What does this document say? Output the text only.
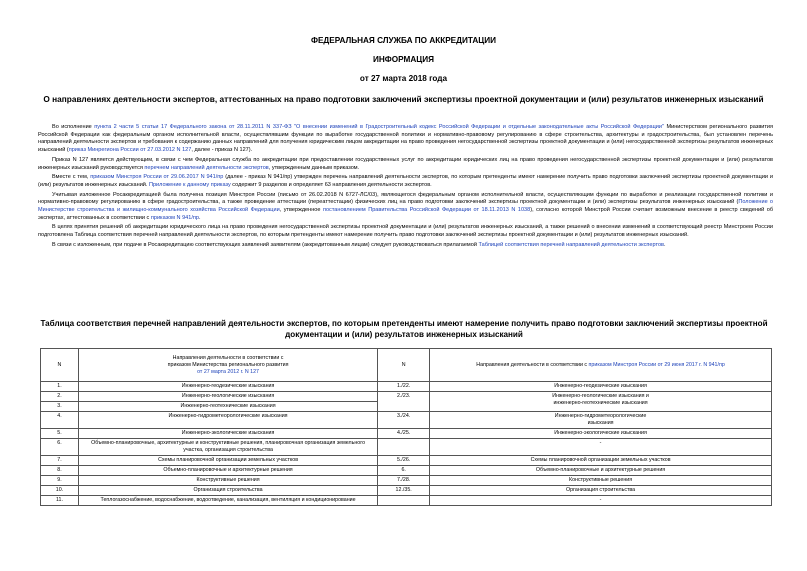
ФЕДЕРАЛЬНАЯ СЛУЖБА ПО АККРЕДИТАЦИИ
ИНФОРМАЦИЯ
от 27 марта 2018 года
О направлениях деятельности экспертов, аттестованных на право подготовки заключений экспертизы проектной документации и (или) результатов инженерных изысканий

Во исполнение пункта 2 части 5 статьи 17 Федерального закона от 28.11.2011 N 337-ФЗ "О внесении изменений в Градостроительный кодекс Российской Федерации и отдельные законодательные акты Российской Федерации" Министерством регионального развития Российской Федерации как федеральным органом исполнительной власти, осуществлявшим функции по выработке государственной политики и нормативно-правовому регулированию в сфере строительства, архитектуры и градостроительства, был установлен перечень направлений деятельности экспертов и требования к содержанию данных направлений для получения юридическим лицом аккредитации на право проведения негосударственной экспертизы проектной документации и (или) негосударственной экспертизы результатов инженерных изысканий (приказ Минрегиона России от 27.03.2012 N 127, далее - приказ N 127).

Приказ N 127 является действующим, в связи с чем Федеральная служба по аккредитации при предоставлении государственных услуг по аккредитации юридических лиц на право проведения негосударственной экспертизы проектной документации и (или) результатов инженерных изысканий руководствуется перечнем направлений деятельности экспертов, утвержденным данным приказом.

Вместе с тем, приказом Минстроя России от 29.06.2017 N 941/пр (далее - приказ N 941/пр) утвержден перечень направлений деятельности экспертов, по которым претенденты имеют намерение получить право подготовки заключений экспертизы проектной документации и (или) результатов инженерных изысканий. Приложение к данному приказу содержит 9 разделов и определяет 63 направления деятельности экспертов.

Учитывая изложенное Росаккредитацией была получена позиция Минстроя России (письмо от 26.02.2018 N 6727-ЛС/03), являющегося федеральным органом исполнительной власти, осуществляющим функции по выработке и реализации государственной политики и нормативно-правовому регулированию в сфере градостроительства, а также проведение аттестации (переаттестации) физических лиц на право подготовки заключений экспертизы проектной документации и (или) экспертизы результатов инженерных изысканий (Положение о Министерстве строительства и жилищно-коммунального хозяйства Российской Федерации, утвержденное постановлением Правительства Российской Федерации от 18.11.2013 N 1038), согласно которой Минстрой России считает возможным внесение в реестр сведений об экспертах, аттестованных в соответствии с приказом N 941/пр.

В целях принятия решений об аккредитации юридического лица на право проведения негосударственной экспертизы проектной документации и (или) результатов инженерных изысканий, а также решений о внесении изменений в соответствующий реестр Минстроем России подготовлена Таблица соответствия перечней направлений деятельности экспертов, по которым претенденты имеют намерение получить право подготовки заключений экспертизы проектной документации и (или) результатов инженерных изысканий.

В связи с изложенным, при подаче в Росаккредитацию соответствующих заявлений заявителям (аккредитованным лицам) следует руководствоваться прилагаемой Таблицей соответствия перечней направлений деятельности экспертов.

Таблица соответствия перечней направлений деятельности экспертов, по которым претенденты имеют намерение получить право подготовки заключений экспертизы проектной документации и (или) результатов инженерных изысканий
N	Направления деятельности в соответствии с
приказом Министерства регионального развития
от 27 марта 2012 г. N 127	N	Направления деятельности в соответствии с приказом Минстроя России от 29 июня 2017 г. N 941/пр
1.	Инженерно-геодезические изыскания	1./22.	Инженерно-геодезические изыскания
2.	Инженерно-геологические изыскания	2./23.	Инженерно-геологические изыскания и инженерно-геотехнические изыскания
3.	Инженерно-геотехнические изыскания		
4.	Инженерно-гидрометеорологические изыскания	3./24.	Инженерно-гидрометеорологические изыскания
5.	Инженерно-экологические изыскания	4./25.	Инженерно-экологические изыскания
6.	Объемно-планировочные, архитектурные и конструктивные решения, планировочная организация земельного участка, организация строительства		-
7.	Схемы планировочной организации земельных участков	5./26.	Схемы планировочной организации земельных участков
8.	Объемно-планировочные и архитектурные решения	6.	Объемно-планировочные и архитектурные решения
9.	Конструктивные решения	7./28.	Конструктивные решения
10.	Организация строительства	12./35.	Организация строительства
11.	Теплогазоснабжение, водоснабжение, водоотведение, канализация, вентиляция и кондиционирование		-
